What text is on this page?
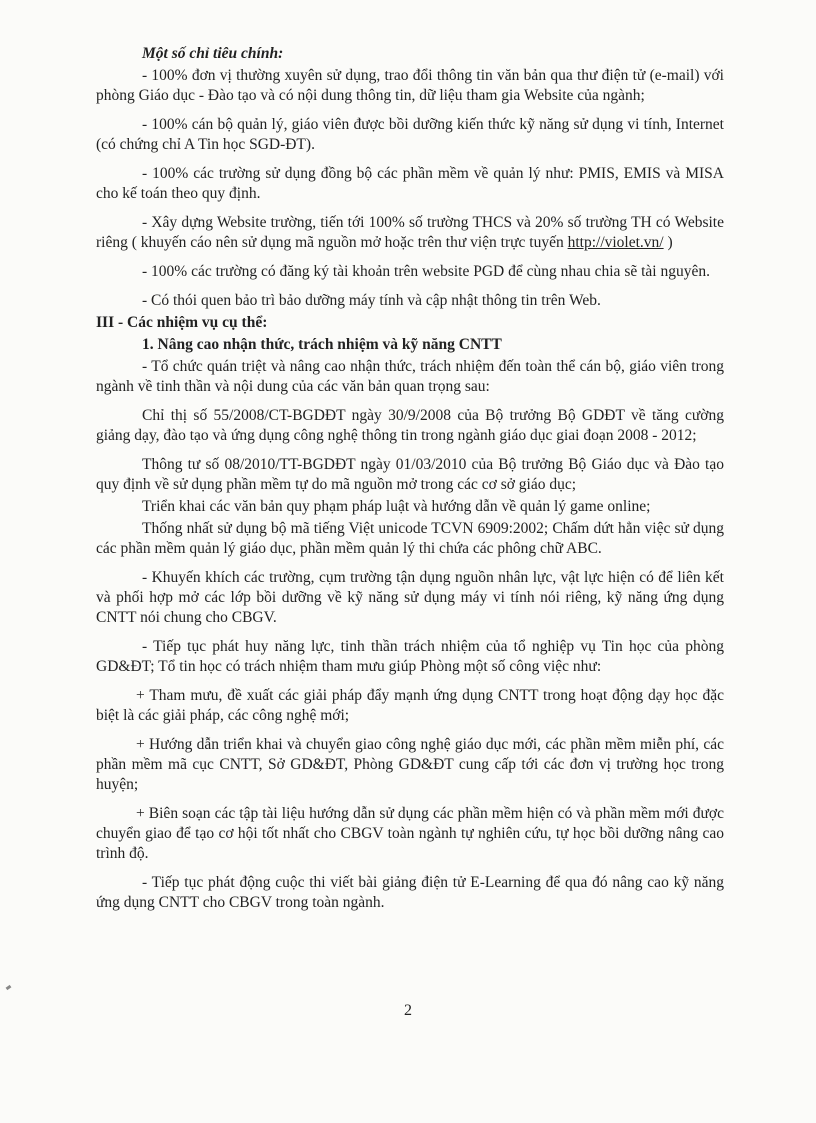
Một số chỉ tiêu chính:

- 100% đơn vị thường xuyên sử dụng, trao đổi thông tin văn bản qua thư điện tử (e-mail) với phòng Giáo dục - Đào tạo và có nội dung thông tin, dữ liệu tham gia Website của ngành;

- 100% cán bộ quản lý, giáo viên được bồi dưỡng kiến thức kỹ năng sử dụng vi tính, Internet (có chứng chỉ A Tin học SGD-ĐT).

- 100% các trường sử dụng đồng bộ các phần mềm về quản lý như: PMIS, EMIS và MISA cho kế toán theo quy định.

- Xây dựng Website trường, tiến tới 100% số trường THCS và 20% số trường TH có Website riêng ( khuyến cáo nên sử dụng mã nguồn mở hoặc trên thư viện trực tuyến http://violet.vn/ )

- 100% các trường có đăng ký tài khoản trên website PGD để cùng nhau chia sẽ tài nguyên.

- Có thói quen bảo trì bảo dưỡng máy tính và cập nhật thông tin trên Web.

III - Các nhiệm vụ cụ thể:

1. Nâng cao nhận thức, trách nhiệm và kỹ năng CNTT

- Tổ chức quán triệt và nâng cao nhận thức, trách nhiệm đến toàn thể cán bộ, giáo viên trong ngành về tinh thần và nội dung của các văn bản quan trọng sau:

Chỉ thị số 55/2008/CT-BGDĐT ngày 30/9/2008 của Bộ trưởng Bộ GDĐT về tăng cường giảng dạy, đào tạo và ứng dụng công nghệ thông tin trong ngành giáo dục giai đoạn 2008 - 2012;

Thông tư số 08/2010/TT-BGDĐT ngày 01/03/2010 của Bộ trưởng Bộ Giáo dục và Đào tạo quy định về sử dụng phần mềm tự do mã nguồn mở trong các cơ sở giáo dục;

Triển khai các văn bản quy phạm pháp luật và hướng dẫn về quản lý game online;

Thống nhất sử dụng bộ mã tiếng Việt unicode TCVN 6909:2002; Chấm dứt hẳn việc sử dụng các phần mềm quản lý giáo dục, phần mềm quản lý thi chứa các phông chữ ABC.

- Khuyến khích các trường, cụm trường tận dụng nguồn nhân lực, vật lực hiện có để liên kết và phối hợp mở các lớp bồi dưỡng về kỹ năng sử dụng máy vi tính nói riêng, kỹ năng ứng dụng CNTT nói chung cho CBGV.

- Tiếp tục phát huy năng lực, tinh thần trách nhiệm của tổ nghiệp vụ Tin học của phòng GD&ĐT; Tổ tin học có trách nhiệm tham mưu giúp Phòng một số công việc như:

+ Tham mưu, đề xuất các giải pháp đẩy mạnh ứng dụng CNTT trong hoạt động dạy học đặc biệt là các giải pháp, các công nghệ mới;

+ Hướng dẫn triển khai và chuyển giao công nghệ giáo dục mới, các phần mềm miễn phí, các phần mềm mã cục CNTT, Sở GD&ĐT, Phòng GD&ĐT cung cấp tới các đơn vị trường học trong huyện;

+ Biên soạn các tập tài liệu hướng dẫn sử dụng các phần mềm hiện có và phần mềm mới được chuyển giao để tạo cơ hội tốt nhất cho CBGV toàn ngành tự nghiên cứu, tự học bồi dưỡng nâng cao trình độ.

- Tiếp tục phát động cuộc thi viết bài giảng điện tử E-Learning để qua đó nâng cao kỹ năng ứng dụng CNTT cho CBGV trong toàn ngành.

2
